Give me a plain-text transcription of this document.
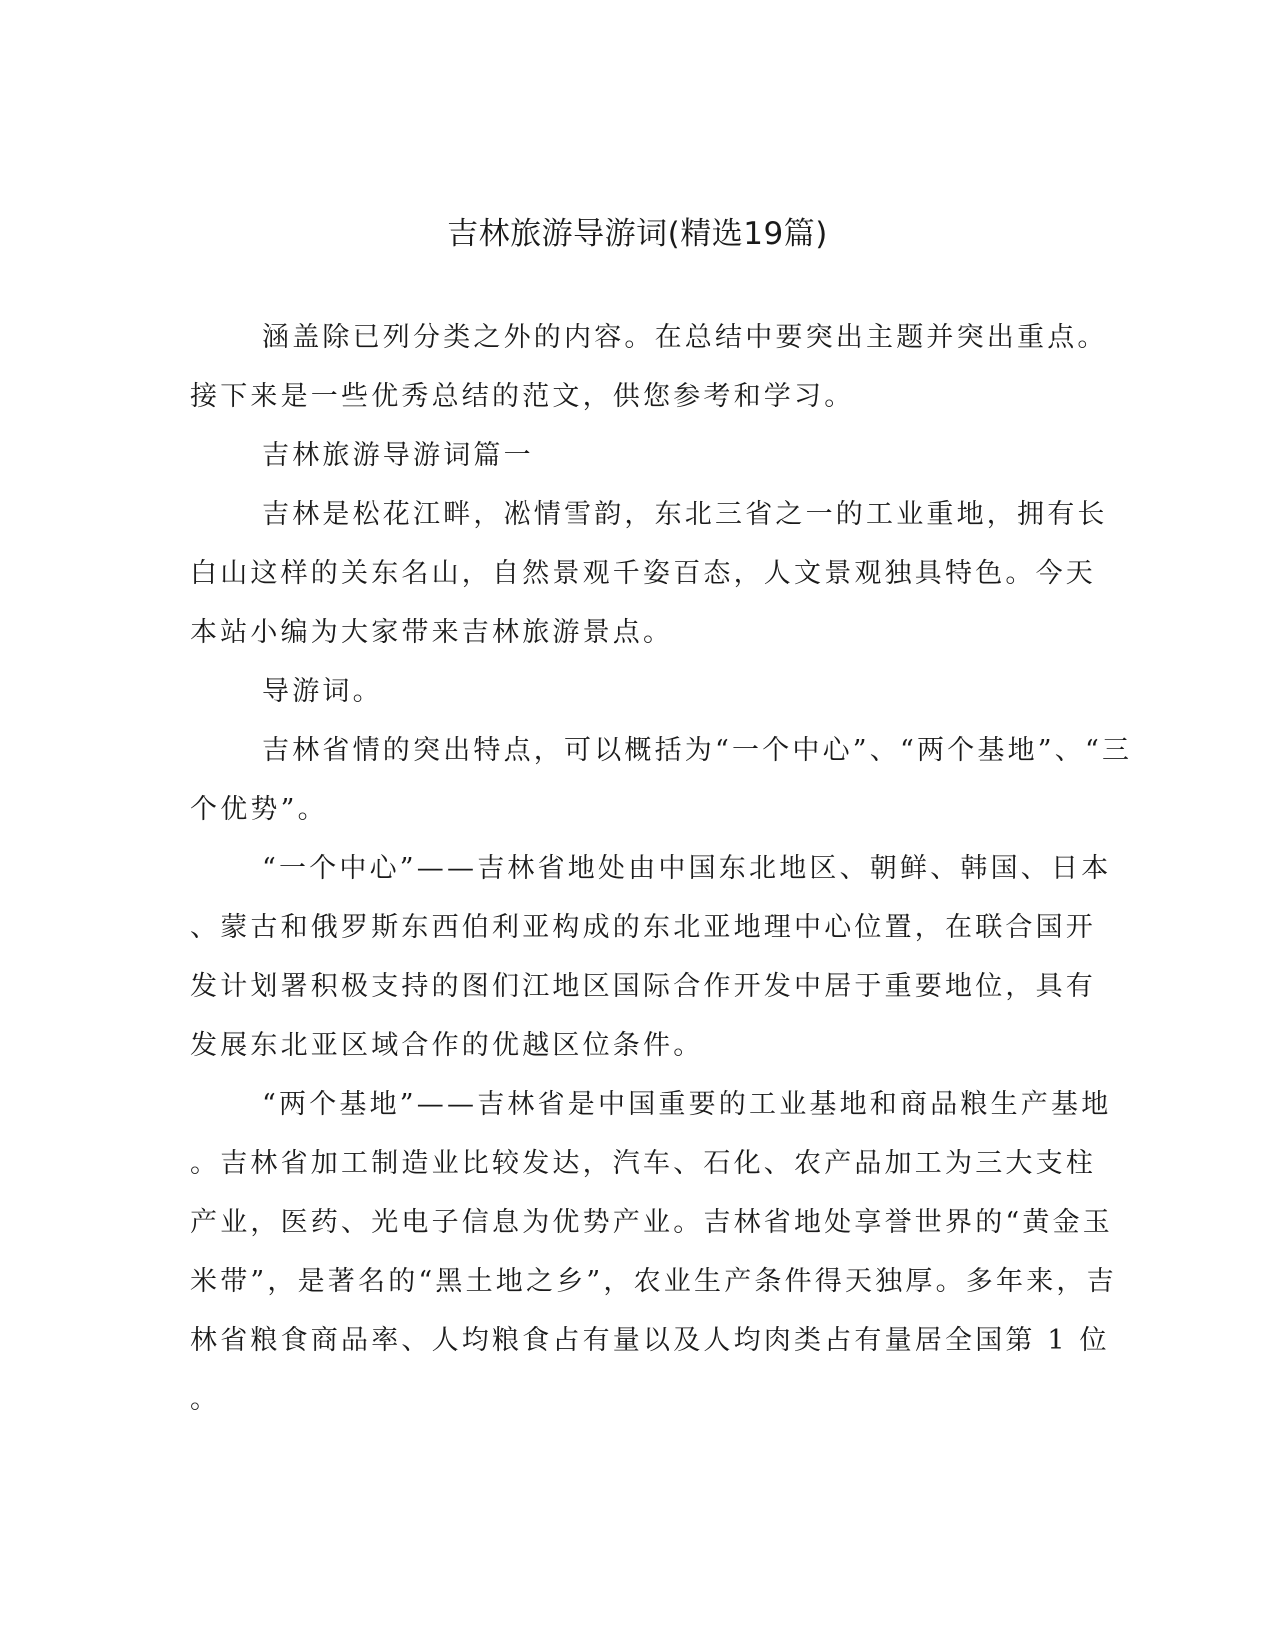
吉林旅游导游词(精选19篇)
涵盖除已列分类之外的内容。在总结中要突出主题并突出重点。
接下来是一些优秀总结的范文，供您参考和学习。
吉林旅游导游词篇一
吉林是松花江畔，凇情雪韵，东北三省之一的工业重地，拥有长
白山这样的关东名山，自然景观千姿百态，人文景观独具特色。今天
本站小编为大家带来吉林旅游景点。
导游词。
吉林省情的突出特点，可以概括为“一个中心”、“两个基地”、“三
个优势”。
“一个中心”——吉林省地处由中国东北地区、朝鲜、韩国、日本
、蒙古和俄罗斯东西伯利亚构成的东北亚地理中心位置，在联合国开
发计划署积极支持的图们江地区国际合作开发中居于重要地位，具有
发展东北亚区域合作的优越区位条件。
“两个基地”——吉林省是中国重要的工业基地和商品粮生产基地
。吉林省加工制造业比较发达，汽车、石化、农产品加工为三大支柱
产业，医药、光电子信息为优势产业。吉林省地处享誉世界的“黄金玉
米带”，是著名的“黑土地之乡”，农业生产条件得天独厚。多年来，吉
林省粮食商品率、人均粮食占有量以及人均肉类占有量居全国第 1 位
。
